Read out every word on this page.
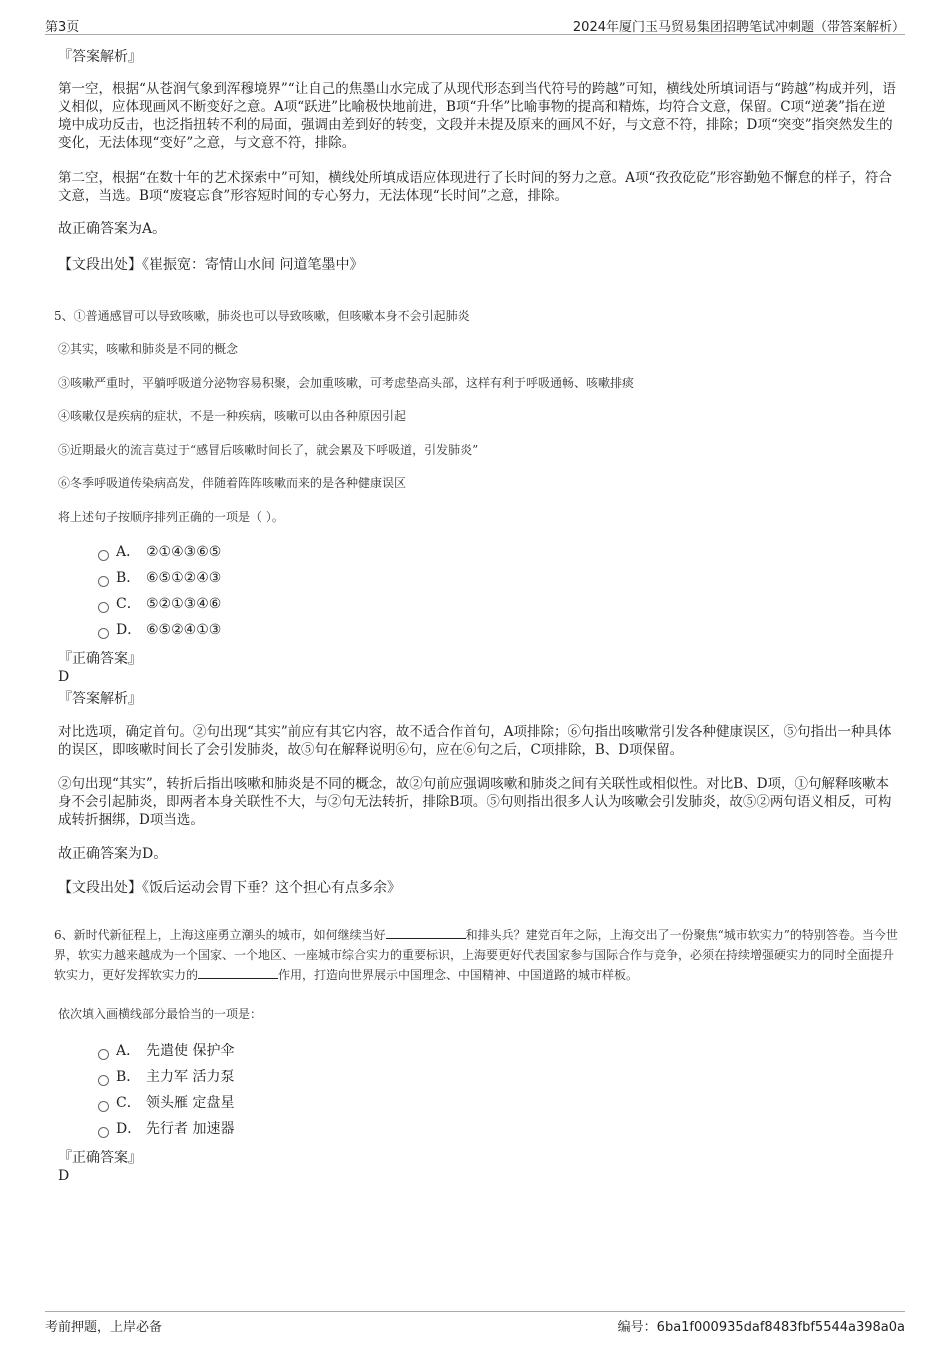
第3页	2024年厦门玉马贸易集团招聘笔试冲刺题（带答案解析）
『答案解析』

第一空，根据“从苍润气象到浑穆境界”“让自己的焦墨山水完成了从现代形态到当代符号的跨越”可知，横线处所填词语与“跨越”构成并列，语义相似，应体现画风不断变好之意。A项“跃进”比喻极快地前进，B项“升华”比喻事物的提高和精炼，均符合文意，保留。C项“逆袭”指在逆境中成功反击，也泛指扭转不利的局面，强调由差到好的转变，文段并未提及原来的画风不好，与文意不符，排除；D项“突变”指突然发生的变化，无法体现“变好”之意，与文意不符，排除。

第二空，根据“在数十年的艺术探索中”可知，横线处所填成语应体现进行了长时间的努力之意。A项“孜孜矻矻”形容勤勉不懈怠的样子，符合文意，当选。B项“废寝忘食”形容短时间的专心努力，无法体现“长时间”之意，排除。

故正确答案为A。
【文段出处】《崔振宽：寄情山水间 问道笔墨中》
5、①普通感冒可以导致咳嗽，肺炎也可以导致咳嗽，但咳嗽本身不会引起肺炎
②其实，咳嗽和肺炎是不同的概念
③咳嗽严重时，平躺呼吸道分泌物容易积聚，会加重咳嗽，可考虑垫高头部，这样有利于呼吸通畅、咳嗽排痰
④咳嗽仅是疾病的症状，不是一种疾病，咳嗽可以由各种原因引起
⑤近期最火的流言莫过于“感冒后咳嗽时间长了，就会累及下呼吸道，引发肺炎”
⑥冬季呼吸道传染病高发，伴随着阵阵咳嗽而来的是各种健康误区
将上述句子按顺序排列正确的一项是（ ）。
A． ②①④③⑥⑤
B． ⑥⑤①②④③
C． ⑤②①③④⑥
D． ⑥⑤②④①③
『正确答案』
D
『答案解析』

对比选项，确定首句。②句出现“其实”前应有其它内容，故不适合作首句，A项排除；⑥句指出咳嗽常引发各种健康误区，⑤句指出一种具体的误区，即咳嗽时间长了会引发肺炎，故⑤句在解释说明⑥句，应在⑥句之后，C项排除，B、D项保留。

②句出现“其实”，转折后指出咳嗽和肺炎是不同的概念，故②句前应强调咳嗽和肺炎之间有关联性或相似性。对比B、D项，①句解释咳嗽本身不会引起肺炎，即两者本身关联性不大，与②句无法转折，排除B项。⑤句则指出很多人认为咳嗽会引发肺炎，故⑤②两句语义相反，可构成转折捆绑，D项当选。

故正确答案为D。
【文段出处】《饭后运动会胃下垂？这个担心有点多余》

6、新时代新征程上，上海这座勇立潮头的城市，如何继续当好	和排头兵？建党百年之际，上海交出了一份聚焦“城市软实力”的特别答卷。当今世界，软实力越来越成为一个国家、一个地区、一座城市综合实力的重要标识，上海要更好代表国家参与国际合作与竞争，必须在持续增强硬实力的同时全面提升软实力，更好发挥软实力的	作用，打造向世界展示中国理念、中国精神、中国道路的城市样板。

依次填入画横线部分最恰当的一项是：
A． 先遣使 保护伞
B． 主力军 活力泵
C． 领头雁 定盘星
D． 先行者 加速器
『正确答案』
D
考前押题，上岸必备	编号：6ba1f000935daf8483fbf5544a398a0a
